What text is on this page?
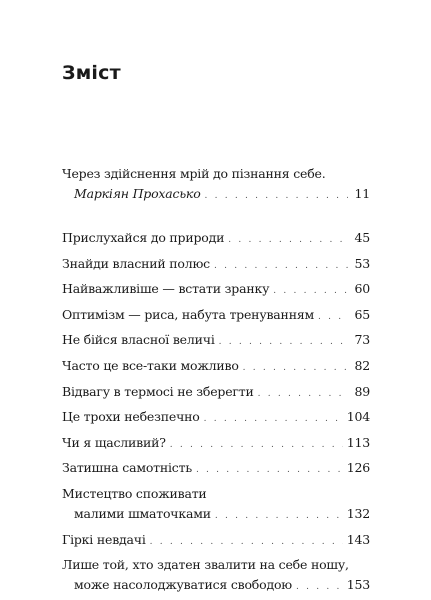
Зміст
Через здійснення мрій до пізнання себе.
Маркіян Прохасько . . .	11
Прислухайся до природи . . .	45
Знайди власний полюс . . .	53
Найважливіше — встати зранку . . .	60
Оптимізм — риса, набута тренуванням . . .	65
Не бійся власної величі . . .	73
Часто це все-таки можливо . . .	82
Відвагу в термосі не зберегти . . .	89
Це трохи небезпечно . . .	104
Чи я щасливий? . . .	113
Затишна самотність . . .	126
Мистецтво споживати
малими шматочками . . .	132
Гіркі невдачі . . .	143
Лише той, хто здатен звалити на себе ношу,
може насолоджуватися свободою . . .	153
